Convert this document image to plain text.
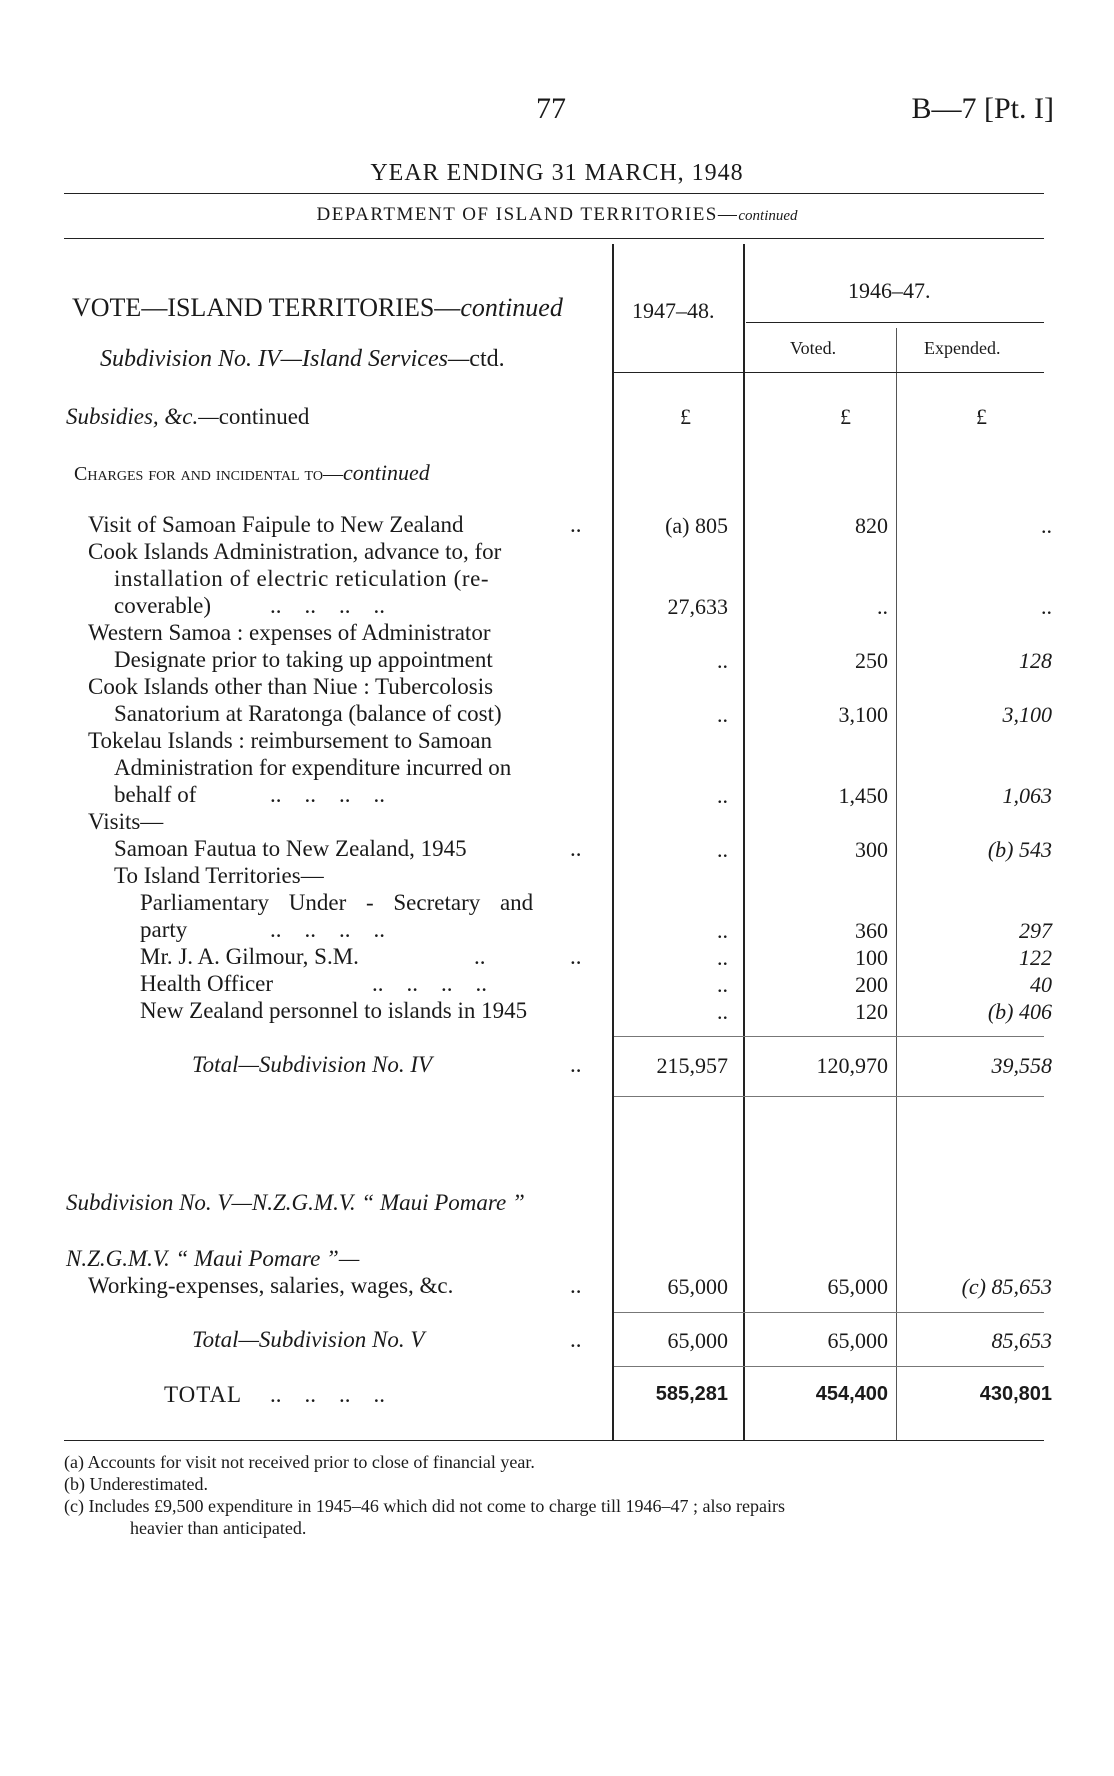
77	B—7 [Pt. I]
YEAR ENDING 31 MARCH, 1948
DEPARTMENT OF ISLAND TERRITORIES—continued
VOTE—ISLAND TERRITORIES—continued
Subdivision No. IV—Island Services—ctd.
1947–48.
1946–47.
Voted.	Expended.
Subsidies, &c.—continued	£	£	£
Charges for and incidental to—continued
Visit of Samoan Faipule to New Zealand	..	(a) 805	820	..
Cook Islands Administration, advance to, for
installation of electric reticulation (re-
coverable)	..    ..    ..    ..	27,633	..	..
Western Samoa : expenses of Administrator
Designate prior to taking up appointment	..	250	128
Cook Islands other than Niue : Tubercolosis
Sanatorium at Raratonga (balance of cost)	..	3,100	3,100
Tokelau Islands : reimbursement to Samoan
Administration for expenditure incurred on
behalf of	..    ..    ..    ..	..	1,450	1,063
Visits—
Samoan Fautua to New Zealand, 1945	..	..	300	(b) 543
To Island Territories—
Parliamentary Under - Secretary and
party	..    ..    ..    ..	..	360	297
Mr. J. A. Gilmour, S.M.	..	..	..	100	122
Health Officer	..    ..    ..    ..	..	200	40
New Zealand personnel to islands in 1945	..	120	(b) 406
Total—Subdivision No. IV	..	215,957	120,970	39,558
Subdivision No. V—N.Z.G.M.V. “ Maui Pomare ”
N.Z.G.M.V. “ Maui Pomare ”—
Working-expenses, salaries, wages, &c.	..	65,000	65,000	(c) 85,653
Total—Subdivision No. V	..	65,000	65,000	85,653
TOTAL ..    ..    ..    ..	585,281	454,400	430,801
(a) Accounts for visit not received prior to close of financial year.
(b) Underestimated.
(c) Includes £9,500 expenditure in 1945–46 which did not come to charge till 1946–47 ; also repairs
heavier than anticipated.
